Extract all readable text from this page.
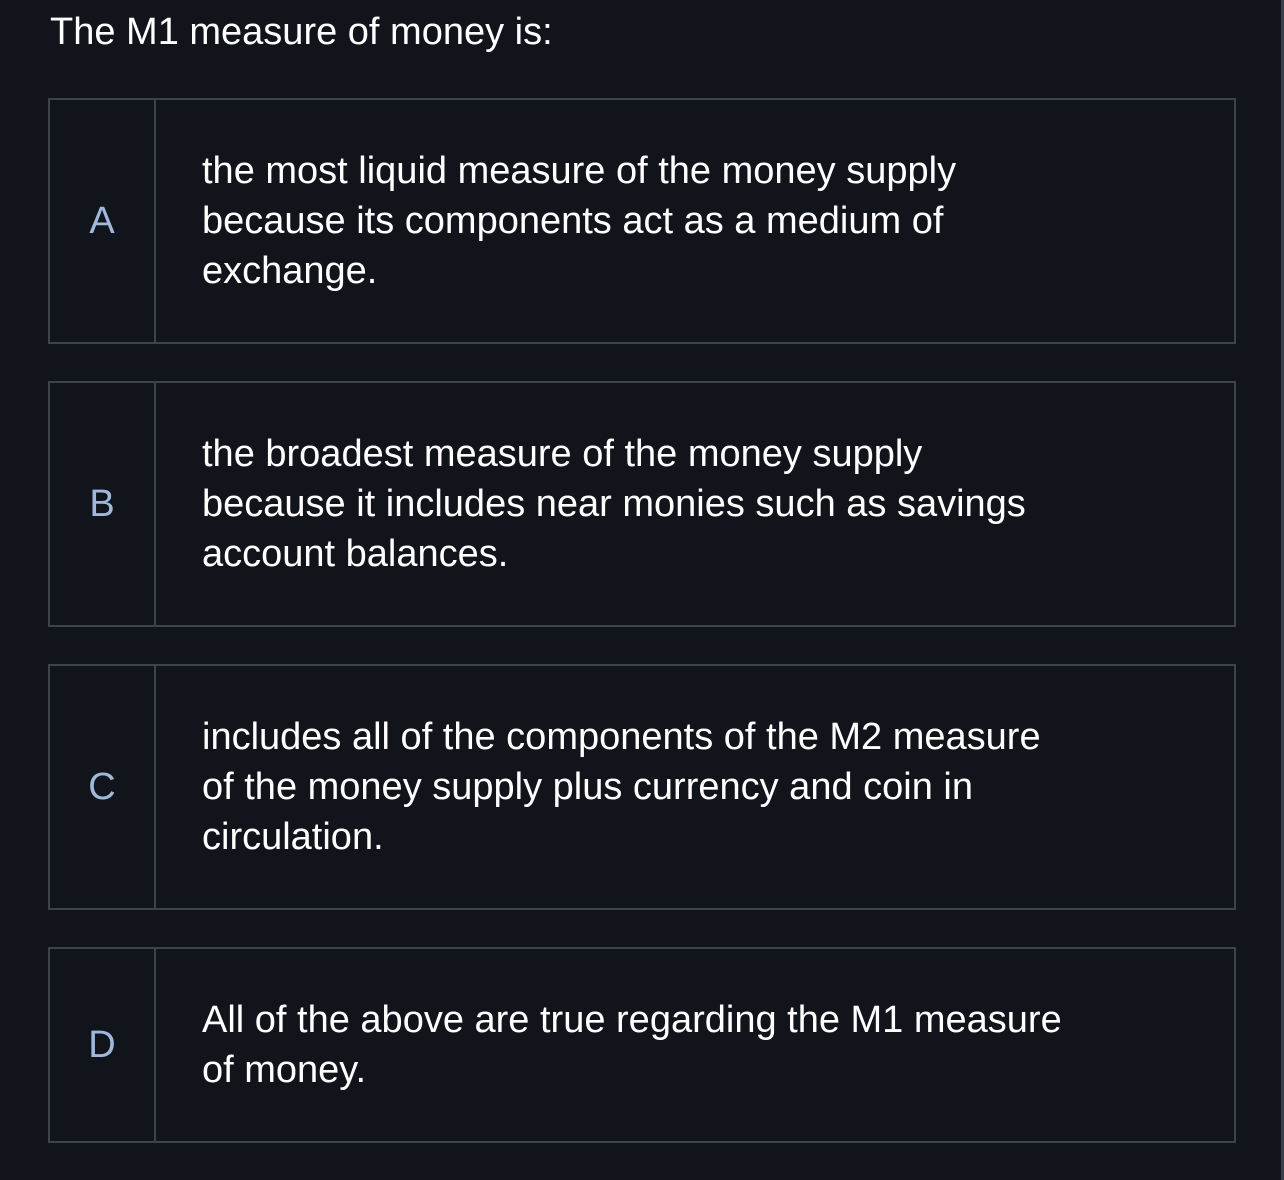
The M1 measure of money is:
A
the most liquid measure of the money supply
because its components act as a medium of
exchange.
B
the broadest measure of the money supply
because it includes near monies such as savings
account balances.
C
includes all of the components of the M2 measure
of the money supply plus currency and coin in
circulation.
D
All of the above are true regarding the M1 measure
of money.
